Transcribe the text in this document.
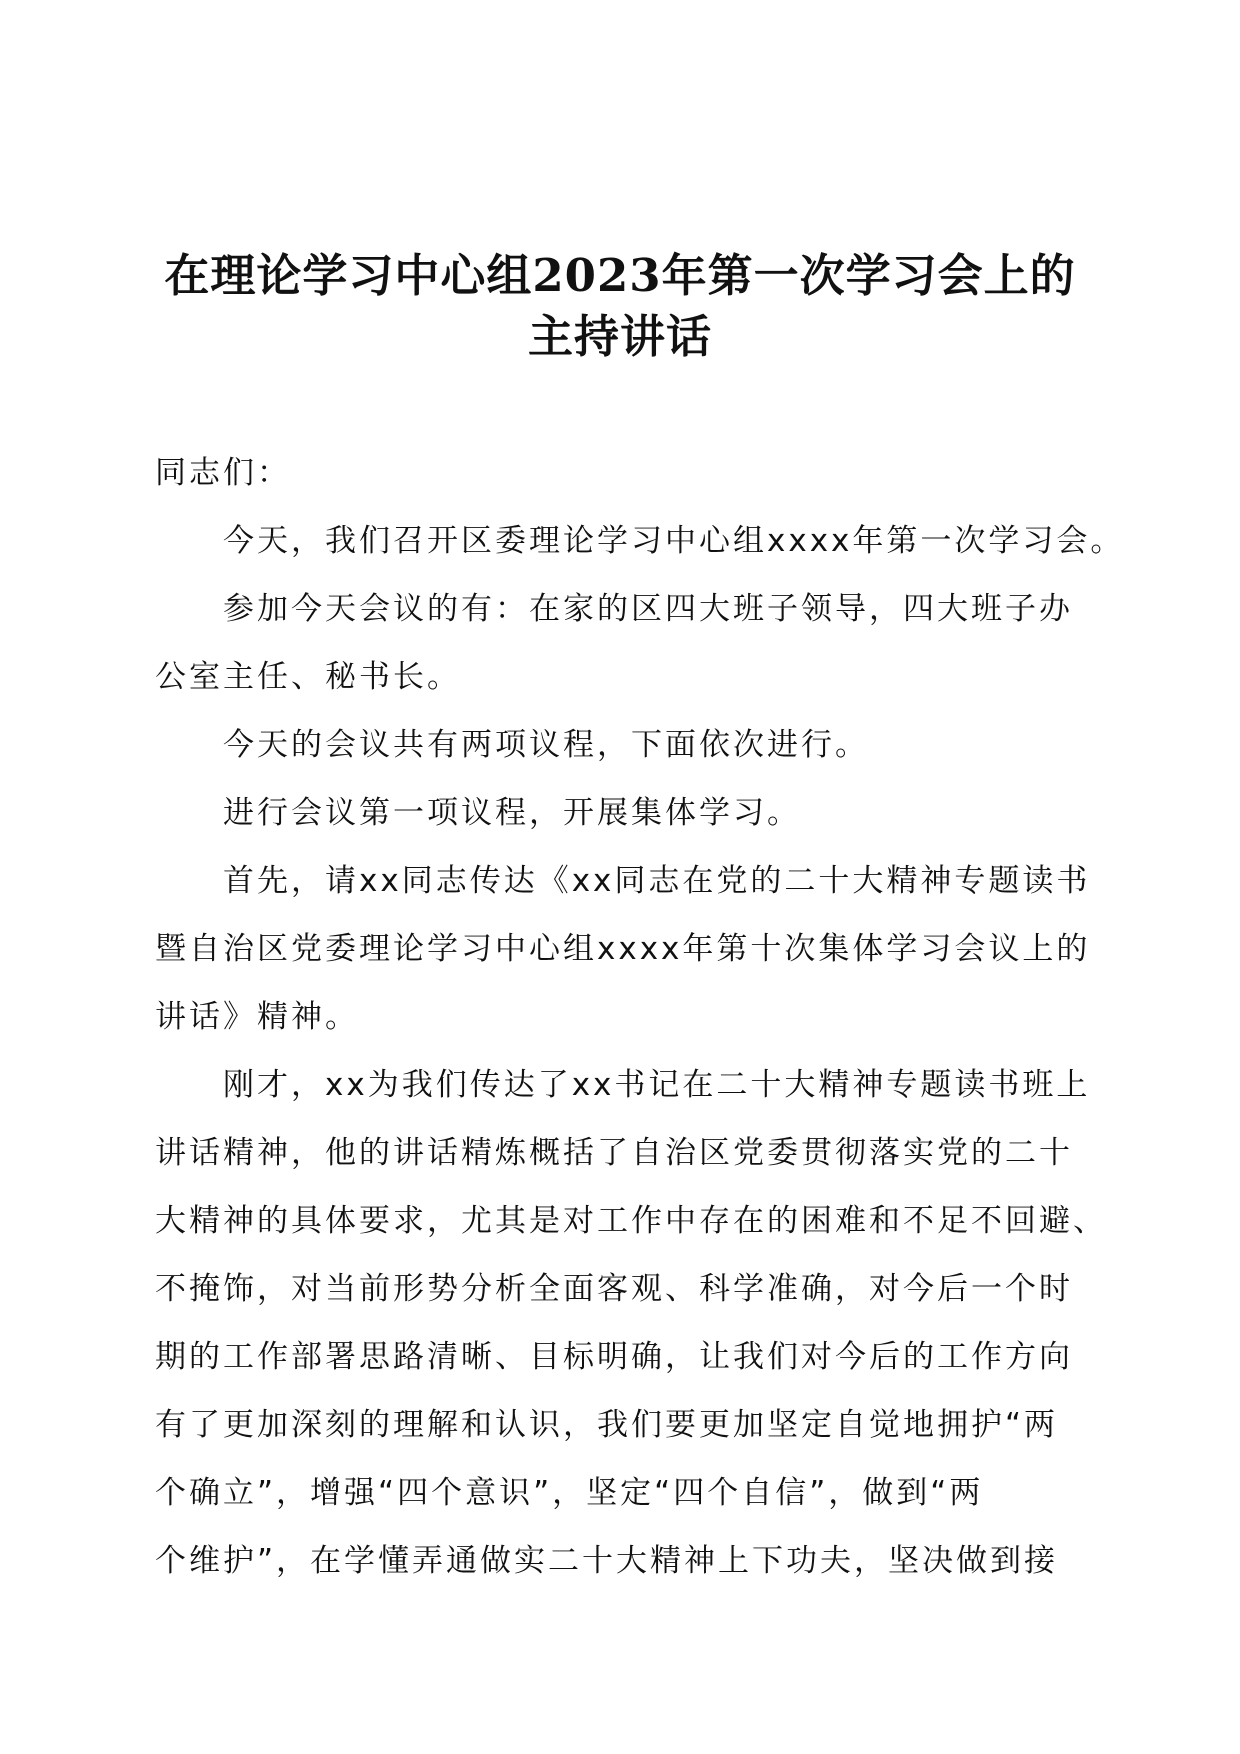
在理论学习中心组2023年第一次学习会上的
主持讲话
同志们：
今天，我们召开区委理论学习中心组xxxx年第一次学习会。
参加今天会议的有：在家的区四大班子领导，四大班子办
公室主任、秘书长。
今天的会议共有两项议程，下面依次进行。
进行会议第一项议程，开展集体学习。
首先，请xx同志传达《xx同志在党的二十大精神专题读书
暨自治区党委理论学习中心组xxxx年第十次集体学习会议上的
讲话》精神。
刚才，xx为我们传达了xx书记在二十大精神专题读书班上
讲话精神，他的讲话精炼概括了自治区党委贯彻落实党的二十
大精神的具体要求，尤其是对工作中存在的困难和不足不回避、
不掩饰，对当前形势分析全面客观、科学准确，对今后一个时
期的工作部署思路清晰、目标明确，让我们对今后的工作方向
有了更加深刻的理解和认识，我们要更加坚定自觉地拥护“两
个确立”，增强“四个意识”，坚定“四个自信”，做到“两
个维护”，在学懂弄通做实二十大精神上下功夫，坚决做到接
